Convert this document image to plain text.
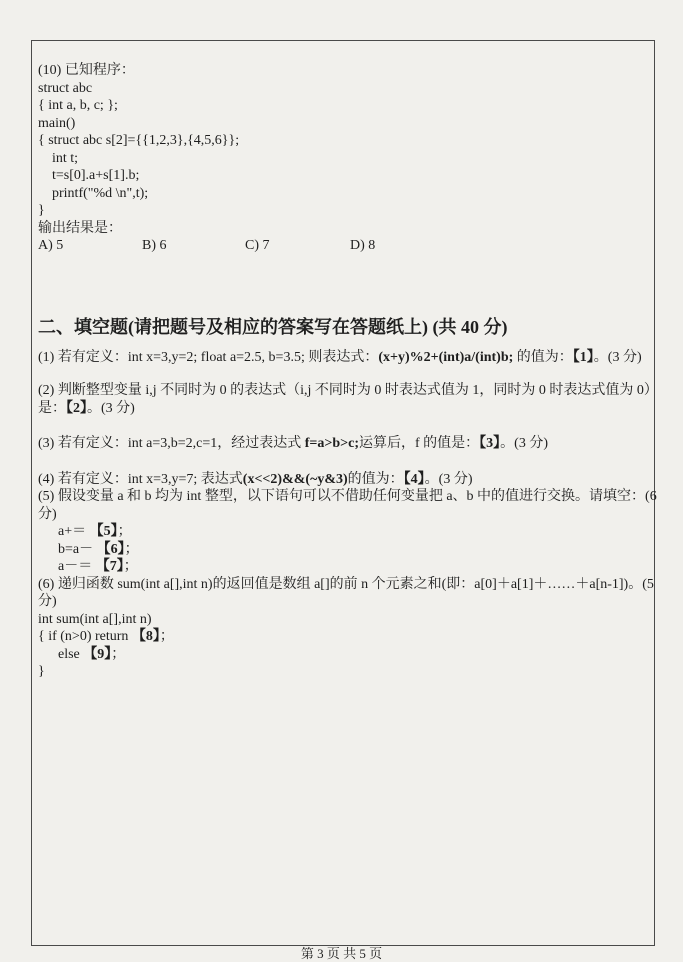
(10) 已知程序：
struct abc
{ int a, b, c; };
main()
{ struct abc s[2]={{1,2,3},{4,5,6}};
int t;
t=s[0].a+s[1].b;
printf("%d \n",t);
}
输出结果是：
A) 5	B) 6	C) 7	D) 8
二、填空题(请把题号及相应的答案写在答题纸上) (共 40 分)
(1) 若有定义：int x=3,y=2; float a=2.5, b=3.5; 则表达式：(x+y)%2+(int)a/(int)b; 的值为：【1】。(3 分)
(2) 判断整型变量 i,j 不同时为 0 的表达式（i,j 不同时为 0 时表达式值为 1，同时为 0 时表达式值为 0）是：【2】。(3 分)
(3) 若有定义：int a=3,b=2,c=1，经过表达式 f=a>b>c;运算后，f 的值是：【3】。(3 分)
(4) 若有定义：int x=3,y=7; 表达式(x<<2)&&(~y&3)的值为：【4】。(3 分)
(5) 假设变量 a 和 b 均为 int 整型，以下语句可以不借助任何变量把 a、b 中的值进行交换。请填空：(6 分)
a+＝ 【5】；
b=a－ 【6】；
a－＝ 【7】；
(6) 递归函数 sum(int a[],int n)的返回值是数组 a[]的前 n 个元素之和(即：a[0]＋a[1]＋……＋a[n-1])。(5 分)
int sum(int a[],int n)
{ if (n>0) return 【8】；
else 【9】；
}
第 3 页 共 5 页
